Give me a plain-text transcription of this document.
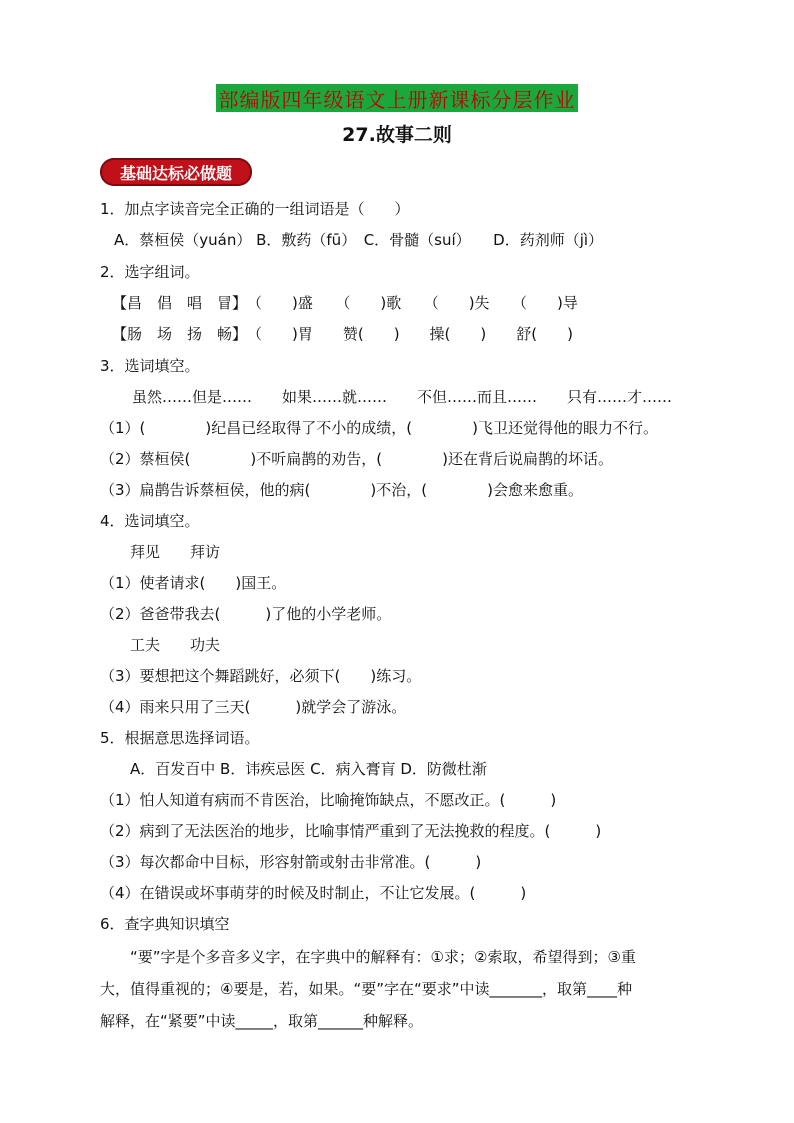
部编版四年级语文上册新课标分层作业
27.故事二则
基础达标必做题
1．加点字读音完全正确的一组词语是（　　）
A．蔡桓侯（yuán） B．敷药（fū）　C．骨髓（suí）　　D．药剂师（jì）
2．选字组词。
【昌　倡　唱　冒】　（　　)盛　　（　　)歌　　（　　)失　　（　　)导
【肠　场　扬　畅】　（　　)胃　　赞(　　)　　操(　　)　　舒(　　)
3．选词填空。
虽然……但是……　　如果……就……　　不但……而且……　　只有……才……
（1）(　　　　)纪昌已经取得了不小的成绩，(　　　　)飞卫还觉得他的眼力不行。
（2）蔡桓侯(　　　　)不听扁鹊的劝告，(　　　　)还在背后说扁鹊的坏话。
（3）扁鹊告诉蔡桓侯，他的病(　　　　)不治，(　　　　)会愈来愈重。
4．选词填空。
拜见　　拜访
（1）使者请求(　　)国王。
（2）爸爸带我去(　　　)了他的小学老师。
工夫　　功夫
（3）要想把这个舞蹈跳好，必须下(　　)练习。
（4）雨来只用了三天(　　　)就学会了游泳。
5．根据意思选择词语。
A．百发百中 B．讳疾忌医 C．病入膏肓 D．防微杜渐
（1）怕人知道有病而不肯医治，比喻掩饰缺点，不愿改正。(　　　)
（2）病到了无法医治的地步，比喻事情严重到了无法挽救的程度。(　　　)
（3）每次都命中目标，形容射箭或射击非常准。(　　　)
（4）在错误或坏事萌芽的时候及时制止，不让它发展。(　　　)
6．查字典知识填空
“要”字是个多音多义字，在字典中的解释有：①求；②索取，希望得到；③重
大，值得重视的；④要是，若，如果。“要”字在“要求”中读_______，取第____种
解释，在“紧要”中读_____，取第______种解释。
